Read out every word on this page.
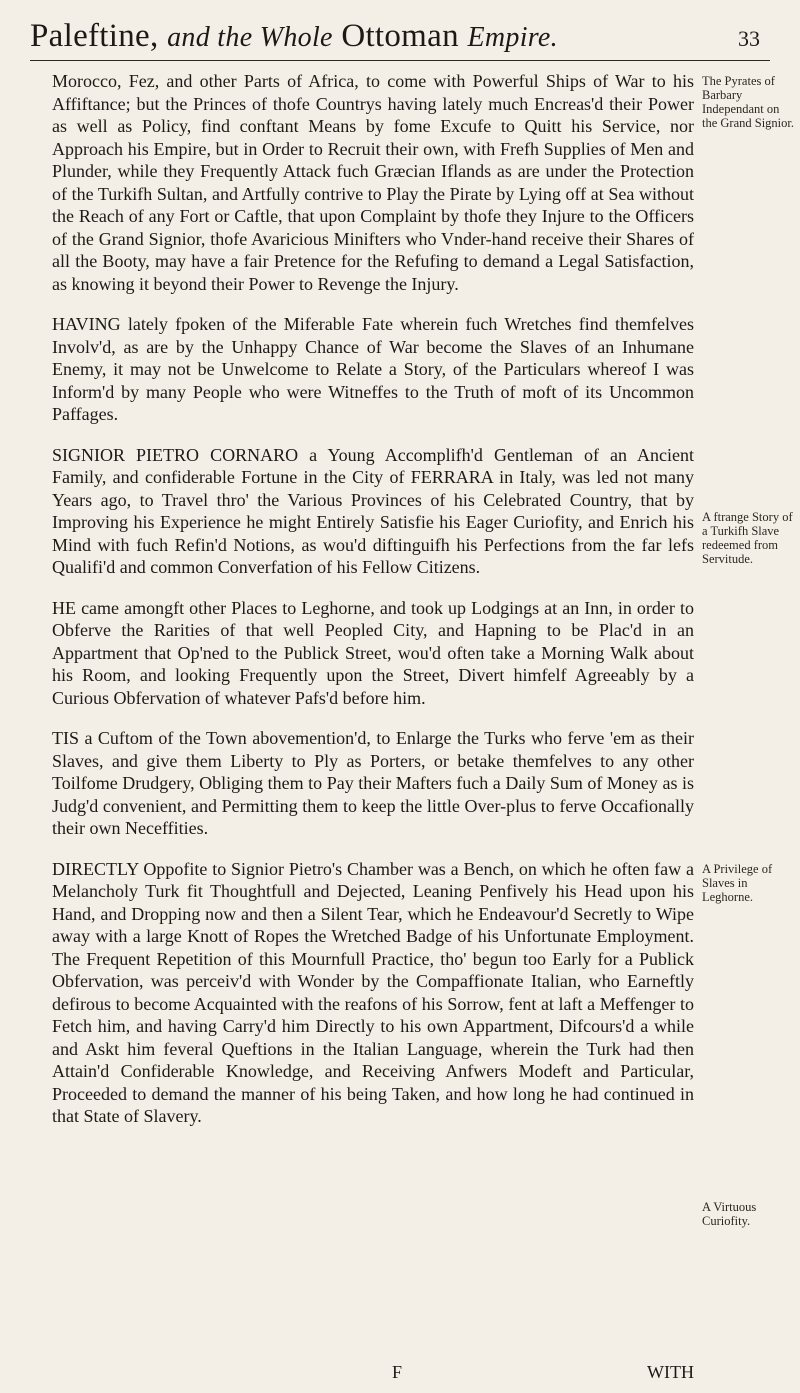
Paleftine, and the Whole Ottoman Empire.	33

Morocco, Fez, and other Parts of Africa, to come with Powerful Ships of War to his Affiftance; but the Princes of thofe Countrys having lately much Encreas'd their Power as well as Policy, find conftant Means by fome Excufe to Quitt his Service, nor Approach his Empire, but in Order to Recruit their own, with Frefh Supplies of Men and Plunder, while they Frequently Attack fuch Græcian Iflands as are under the Protection of the Turkifh Sultan, and Artfully contrive to Play the Pirate by Lying off at Sea without the Reach of any Fort or Caftle, that upon Complaint by thofe they Injure to the Officers of the Grand Signior, thofe Avaricious Minifters who Vnder-hand receive their Shares of all the Booty, may have a fair Pretence for the Refufing to demand a Legal Satisfaction, as knowing it beyond their Power to Revenge the Injury.

HAVING lately fpoken of the Miferable Fate wherein fuch Wretches find themfelves Involv'd, as are by the Unhappy Chance of War become the Slaves of an Inhumane Enemy, it may not be Unwelcome to Relate a Story, of the Particulars whereof I was Inform'd by many People who were Witneffes to the Truth of moft of its Uncommon Paffages.

SIGNIOR PIETRO CORNARO a Young Accomplifh'd Gentleman of an Ancient Family, and confiderable Fortune in the City of FERRARA in Italy, was led not many Years ago, to Travel thro' the Various Provinces of his Celebrated Country, that by Improving his Experience he might Entirely Satisfie his Eager Curiofity, and Enrich his Mind with fuch Refin'd Notions, as wou'd diftinguifh his Perfections from the far lefs Qualifi'd and common Converfation of his Fellow Citizens.

HE came amongft other Places to Leghorne, and took up Lodgings at an Inn, in order to Obferve the Rarities of that well Peopled City, and Hapning to be Plac'd in an Appartment that Op'ned to the Publick Street, wou'd often take a Morning Walk about his Room, and looking Frequently upon the Street, Divert himfelf Agreeably by a Curious Obfervation of whatever Pafs'd before him.

TIS a Cuftom of the Town abovemention'd, to Enlarge the Turks who ferve 'em as their Slaves, and give them Liberty to Ply as Porters, or betake themfelves to any other Toilfome Drudgery, Obliging them to Pay their Mafters fuch a Daily Sum of Money as is Judg'd convenient, and Permitting them to keep the little Over-plus to ferve Occafionally their own Neceffities.

DIRECTLY Oppofite to Signior Pietro's Chamber was a Bench, on which he often faw a Melancholy Turk fit Thoughtfull and Dejected, Leaning Penfively his Head upon his Hand, and Dropping now and then a Silent Tear, which he Endeavour'd Secretly to Wipe away with a large Knott of Ropes the Wretched Badge of his Unfortunate Employment. The Frequent Repetition of this Mournfull Practice, tho' begun too Early for a Publick Obfervation, was perceiv'd with Wonder by the Compaffionate Italian, who Earneftly defirous to become Acquainted with the reafons of his Sorrow, fent at laft a Meffenger to Fetch him, and having Carry'd him Directly to his own Appartment, Difcours'd a while and Askt him feveral Queftions in the Italian Language, wherein the Turk had then Attain'd Confiderable Knowledge, and Receiving Anfwers Modeft and Particular, Proceeded to demand the manner of his being Taken, and how long he had continued in that State of Slavery.

The Pyrates of Barbary Independant on the Grand Signior.
A ftrange Story of a Turkifh Slave redeemed from Servitude.
A Privilege of Slaves in Leghorne.
A Virtuous Curiofity.
F	WITH
